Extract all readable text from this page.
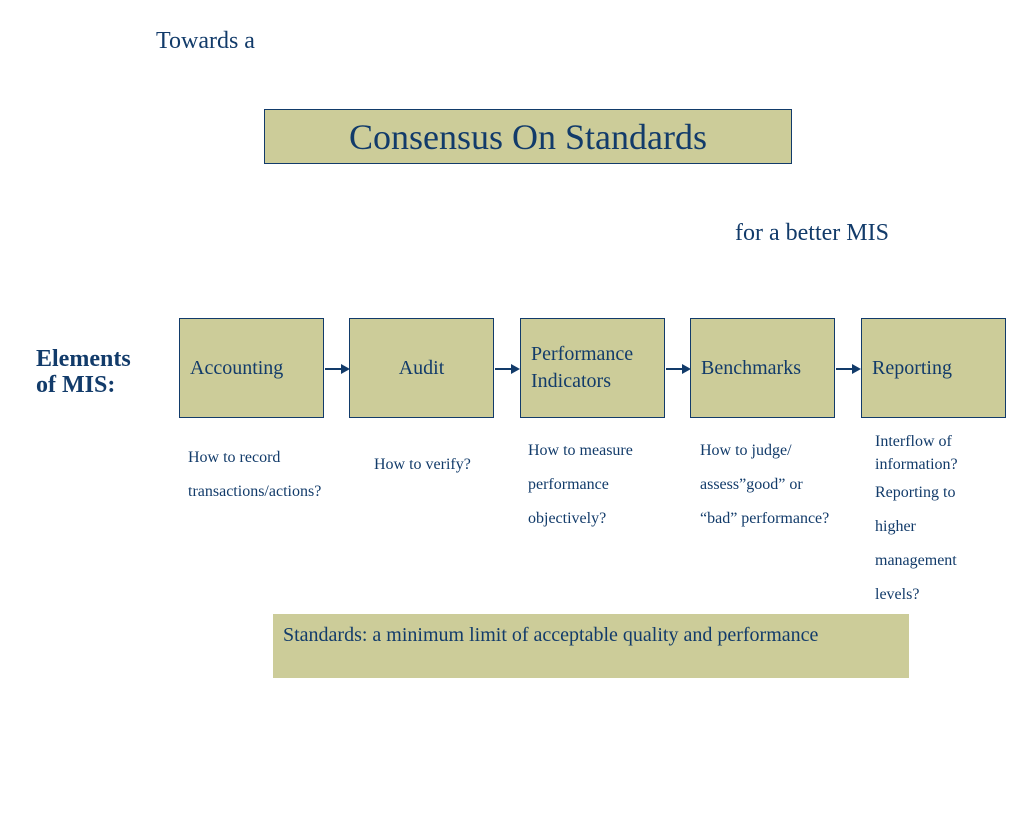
Towards a
Consensus On Standards
for a better MIS
Elements
of MIS:
Accounting	Audit
Performance
Indicators
Benchmarks	Reporting
How to record
transactions/actions?
How to verify?
How to measure
performance
objectively?
How to judge/
assess”good” or
“bad” performance?
Interflow of
information?
Reporting to
higher
management
levels?
Standards: a minimum limit of acceptable quality and performance
